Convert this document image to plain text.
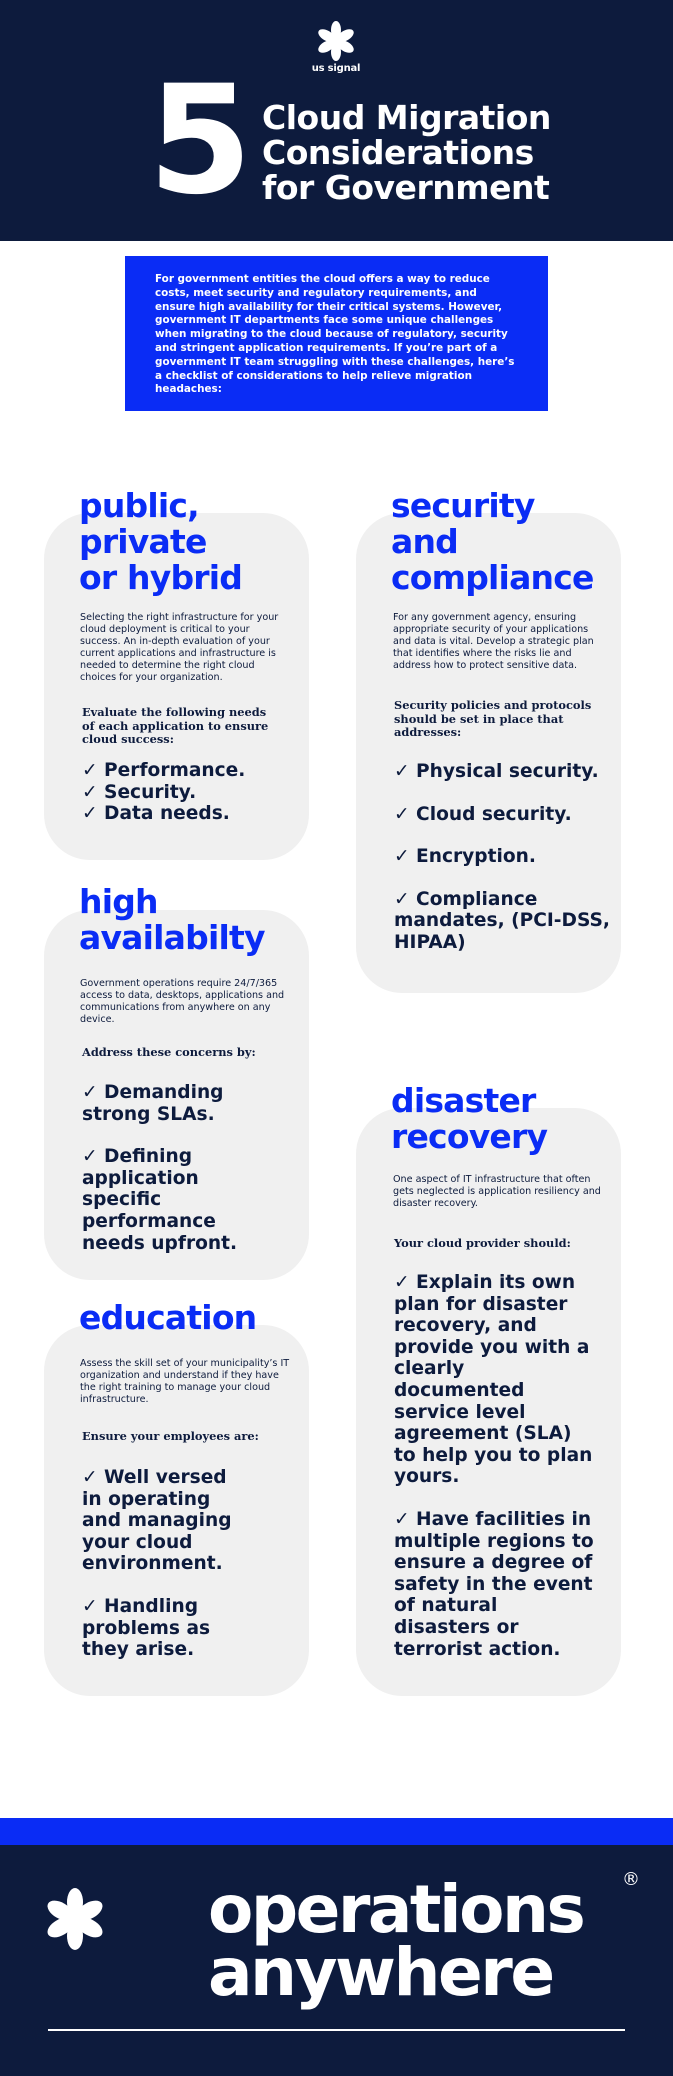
us signal
5 Cloud Migration
Considerations
for Government
For government entities the cloud offers a way to reduce costs, meet security and regulatory requirements, and ensure high availability for their critical systems. However, government IT departments face some unique challenges when migrating to the cloud because of regulatory, security and stringent application requirements. If you’re part of a government IT team struggling with these challenges, here’s a checklist of considerations to help relieve migration headaches:
Selecting the right infrastructure for your cloud deployment is critical to your success. An in-depth evaluation of your current applications and infrastructure is needed to determine the right cloud choices for your organization.
Evaluate the following needs of each application to ensure cloud success:
✓ Performance.
✓ Security.
✓ Data needs.
public,
private
or hybrid
For any government agency, ensuring appropriate security of your applications and data is vital. Develop a strategic plan that identifies where the risks lie and address how to protect sensitive data.
Security policies and protocols should be set in place that addresses:
✓ Physical security.
✓ Cloud security.
✓ Encryption.
✓ Compliance mandates, (PCI-DSS, HIPAA)
security
and
compliance
Government operations require 24/7/365 access to data, desktops, applications and communications from anywhere on any device.
Address these concerns by:
✓ Demanding strong SLAs.
✓ Defining application specific performance needs upfront.
high
availabilty
One aspect of IT infrastructure that often gets neglected is application resiliency and disaster recovery.
Your cloud provider should:
✓ Explain its own plan for disaster recovery, and provide you with a clearly documented service level agreement (SLA) to help you to plan yours.
✓ Have facilities in multiple regions to ensure a degree of safety in the event of natural disasters or terrorist action.
disaster
recovery
Assess the skill set of your municipality’s IT organization and understand if they have the right training to manage your cloud infrastructure.
Ensure your employees are:
✓ Well versed in operating and managing your cloud environment.
✓ Handling problems as they arise.
education
operations
anywhere
®
